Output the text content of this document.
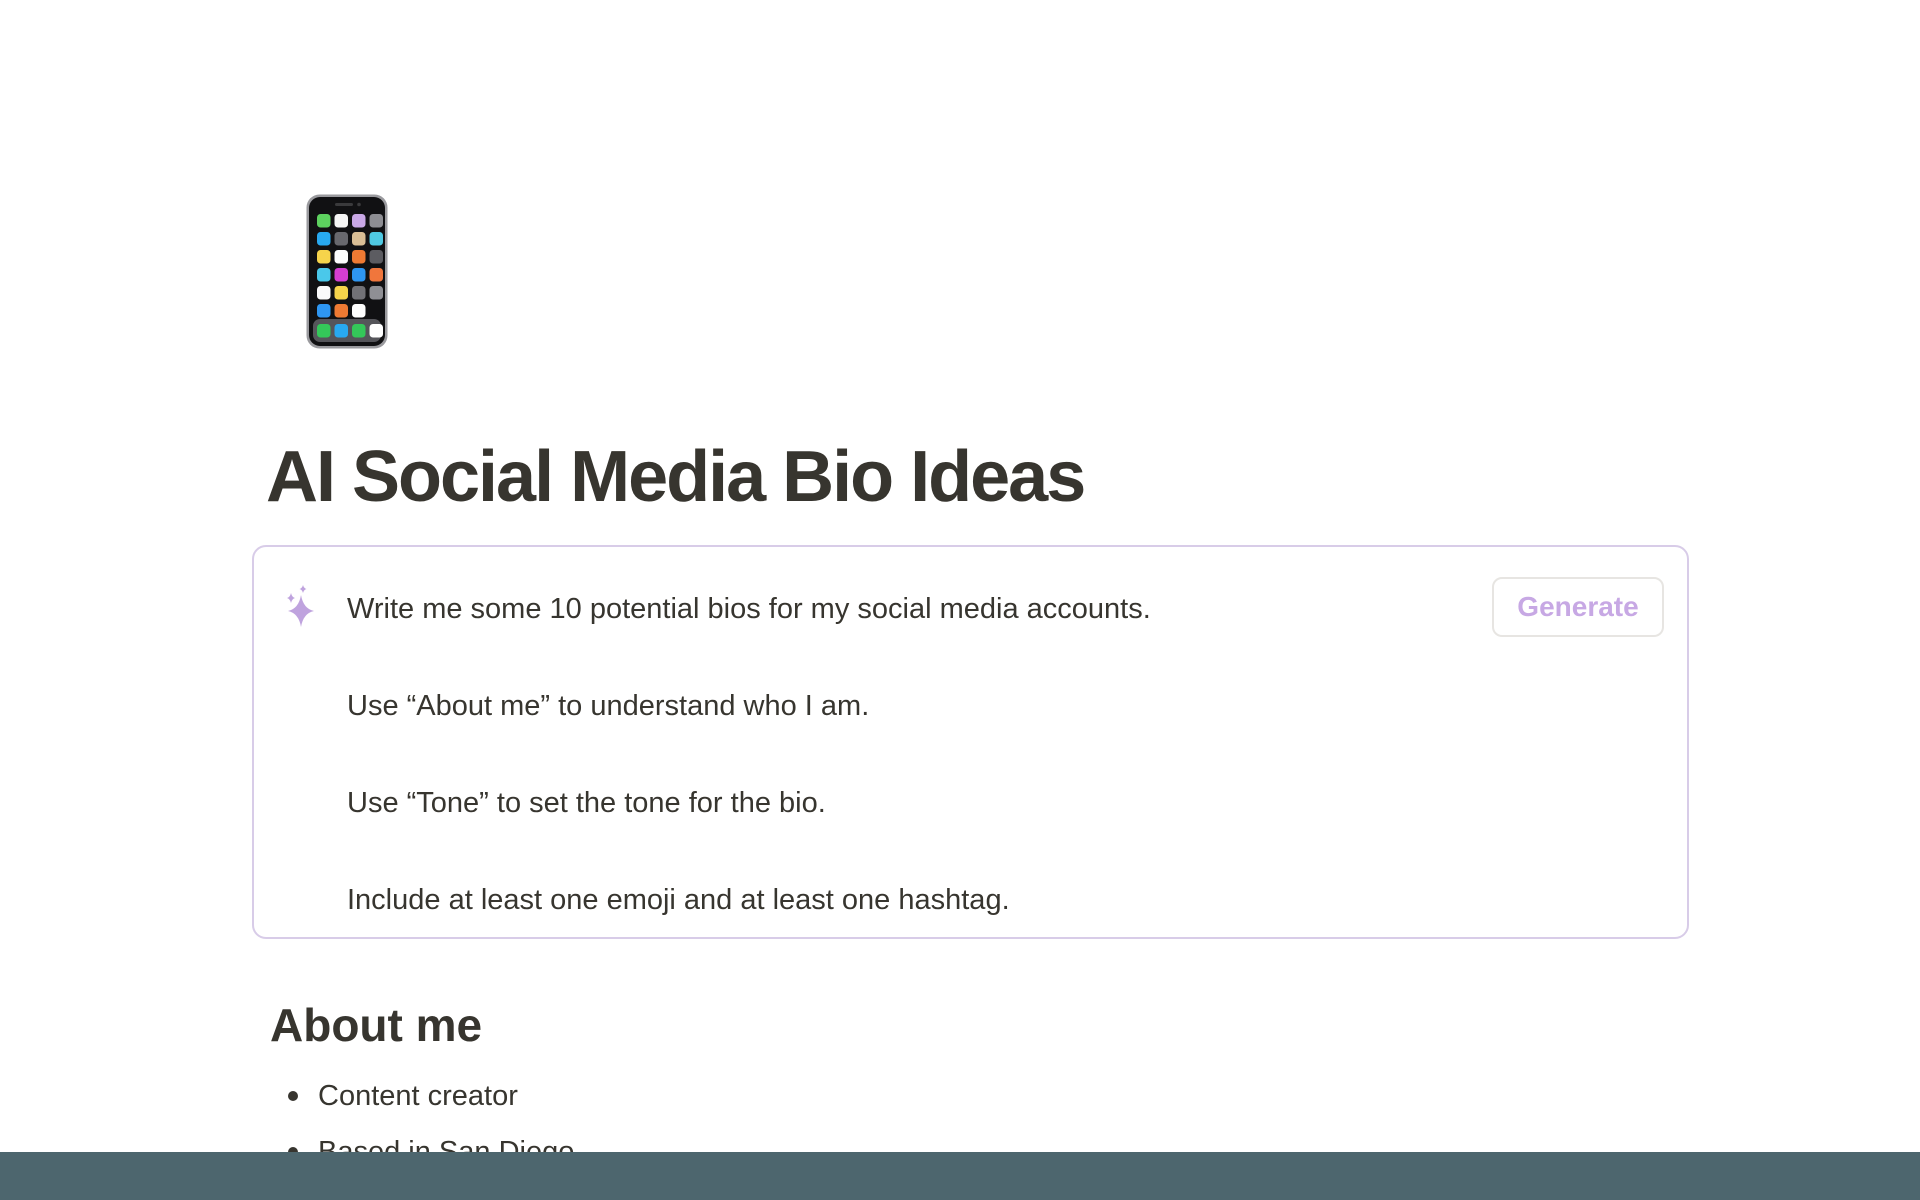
AI Social Media Bio Ideas

Write me some 10 potential bios for my social media accounts.

Use “About me” to understand who I am.

Use “Tone” to set the tone for the bio.

Include at least one emoji and at least one hashtag.

Generate
About me
Content creator
